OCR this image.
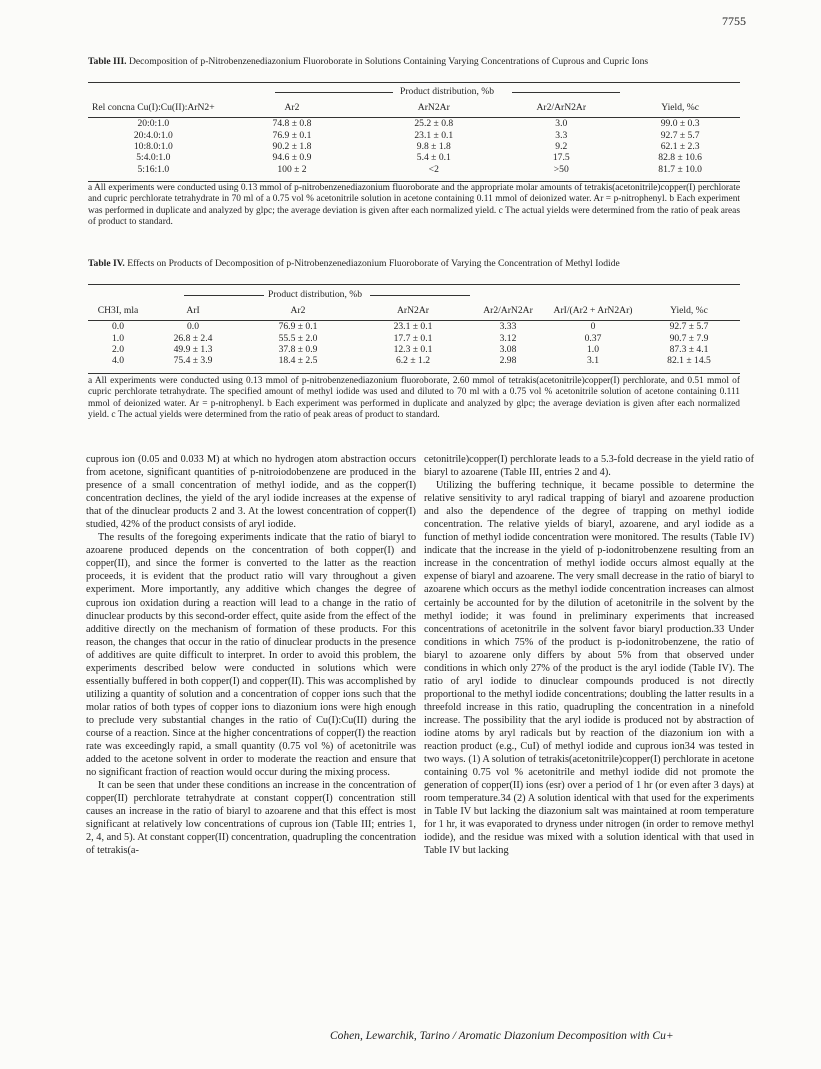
7755
Table III. Decomposition of p-Nitrobenzenediazonium Fluoroborate in Solutions Containing Varying Concentrations of Cuprous and Cupric Ions
Product distribution, %b

Rel concna Cu(I):Cu(II):ArN2+	Ar2	ArN2Ar	Ar2/ArN2Ar	Yield, %c

20:0:1.0	74.8 ± 0.8	25.2 ± 0.8	3.0	99.0 ± 0.3
20:4.0:1.0	76.9 ± 0.1	23.1 ± 0.1	3.3	92.7 ± 5.7
10:8.0:1.0	90.2 ± 1.8	9.8 ± 1.8	9.2	62.1 ± 2.3
5:4.0:1.0	94.6 ± 0.9	5.4 ± 0.1	17.5	82.8 ± 10.6
5:16:1.0	100 ± 2	<2	>50	81.7 ± 10.0
a All experiments were conducted using 0.13 mmol of p-nitrobenzenediazonium fluoroborate and the appropriate molar amounts of tetrakis(acetonitrile)copper(I) perchlorate and cupric perchlorate tetrahydrate in 70 ml of a 0.75 vol % acetonitrile solution in acetone containing 0.11 mmol of deionized water. Ar = p-nitrophenyl. b Each experiment was performed in duplicate and analyzed by glpc; the average deviation is given after each normalized yield. c The actual yields were determined from the ratio of peak areas of product to standard.
Table IV. Effects on Products of Decomposition of p-Nitrobenzenediazonium Fluoroborate of Varying the Concentration of Methyl Iodide
Product distribution, %b

CH3I, mla	ArI	Ar2	ArN2Ar	Ar2/ArN2Ar	ArI/(Ar2 + ArN2Ar)	Yield, %c

0.0	0.0	76.9 ± 0.1	23.1 ± 0.1	3.33	0	92.7 ± 5.7
1.0	26.8 ± 2.4	55.5 ± 2.0	17.7 ± 0.1	3.12	0.37	90.7 ± 7.9
2.0	49.9 ± 1.3	37.8 ± 0.9	12.3 ± 0.1	3.08	1.0	87.3 ± 4.1
4.0	75.4 ± 3.9	18.4 ± 2.5	6.2 ± 1.2	2.98	3.1	82.1 ± 14.5
a All experiments were conducted using 0.13 mmol of p-nitrobenzenediazonium fluoroborate, 2.60 mmol of tetrakis(acetonitrile)copper(I) perchlorate, and 0.51 mmol of cupric perchlorate tetrahydrate. The specified amount of methyl iodide was used and diluted to 70 ml with a 0.75 vol % acetonitrile solution of acetone containing 0.111 mmol of deionized water. Ar = p-nitrophenyl. b Each experiment was performed in duplicate and analyzed by glpc; the average deviation is given after each normalized yield. c The actual yields were determined from the ratio of peak areas of product to standard.

cuprous ion (0.05 and 0.033 M) at which no hydrogen atom abstraction occurs from acetone, significant quantities of p-nitroiodobenzene are produced in the presence of a small concentration of methyl iodide, and as the copper(I) concentration declines, the yield of the aryl iodide increases at the expense of that of the dinuclear products 2 and 3. At the lowest concentration of copper(I) studied, 42% of the product consists of aryl iodide.

The results of the foregoing experiments indicate that the ratio of biaryl to azoarene produced depends on the concentration of both copper(I) and copper(II), and since the former is converted to the latter as the reaction proceeds, it is evident that the product ratio will vary throughout a given experiment. More importantly, any additive which changes the degree of cuprous ion oxidation during a reaction will lead to a change in the ratio of dinuclear products by this second-order effect, quite aside from the effect of the additive directly on the mechanism of formation of these products. For this reason, the changes that occur in the ratio of dinuclear products in the presence of additives are quite difficult to interpret. In order to avoid this problem, the experiments described below were conducted in solutions which were essentially buffered in both copper(I) and copper(II). This was accomplished by utilizing a quantity of solution and a concentration of copper ions such that the molar ratios of both types of copper ions to diazonium ions were high enough to preclude very substantial changes in the ratio of Cu(I):Cu(II) during the course of a reaction. Since at the higher concentrations of copper(I) the reaction rate was exceedingly rapid, a small quantity (0.75 vol %) of acetonitrile was added to the acetone solvent in order to moderate the reaction and ensure that no significant fraction of reaction would occur during the mixing process.

It can be seen that under these conditions an increase in the concentration of copper(II) perchlorate tetrahydrate at constant copper(I) concentration still causes an increase in the ratio of biaryl to azoarene and that this effect is most significant at relatively low concentrations of cuprous ion (Table III; entries 1, 2, 4, and 5). At constant copper(II) concentration, quadrupling the concentration of tetrakis(a-

cetonitrile)copper(I) perchlorate leads to a 5.3-fold decrease in the yield ratio of biaryl to azoarene (Table III, entries 2 and 4).

Utilizing the buffering technique, it became possible to determine the relative sensitivity to aryl radical trapping of biaryl and azoarene production and also the dependence of the degree of trapping on methyl iodide concentration. The relative yields of biaryl, azoarene, and aryl iodide as a function of methyl iodide concentration were monitored. The results (Table IV) indicate that the increase in the yield of p-iodonitrobenzene resulting from an increase in the concentration of methyl iodide occurs almost equally at the expense of biaryl and azoarene. The very small decrease in the ratio of biaryl to azoarene which occurs as the methyl iodide concentration increases can almost certainly be accounted for by the dilution of acetonitrile in the solvent by the methyl iodide; it was found in preliminary experiments that increased concentrations of acetonitrile in the solvent favor biaryl production.33 Under conditions in which 75% of the product is p-iodonitrobenzene, the ratio of biaryl to azoarene only differs by about 5% from that observed under conditions in which only 27% of the product is the aryl iodide (Table IV). The ratio of aryl iodide to dinuclear compounds produced is not directly proportional to the methyl iodide concentrations; doubling the latter results in a threefold increase in this ratio, quadrupling the concentration in a ninefold increase. The possibility that the aryl iodide is produced not by abstraction of iodine atoms by aryl radicals but by reaction of the diazonium ion with a reaction product (e.g., CuI) of methyl iodide and cuprous ion34 was tested in two ways. (1) A solution of tetrakis(acetonitrile)copper(I) perchlorate in acetone containing 0.75 vol % acetonitrile and methyl iodide did not promote the generation of copper(II) ions (esr) over a period of 1 hr (or even after 3 days) at room temperature.34 (2) A solution identical with that used for the experiments in Table IV but lacking the diazonium salt was maintained at room temperature for 1 hr, it was evaporated to dryness under nitrogen (in order to remove methyl iodide), and the residue was mixed with a solution identical with that used in Table IV but lacking

Cohen, Lewarchik, Tarino / Aromatic Diazonium Decomposition with Cu+
